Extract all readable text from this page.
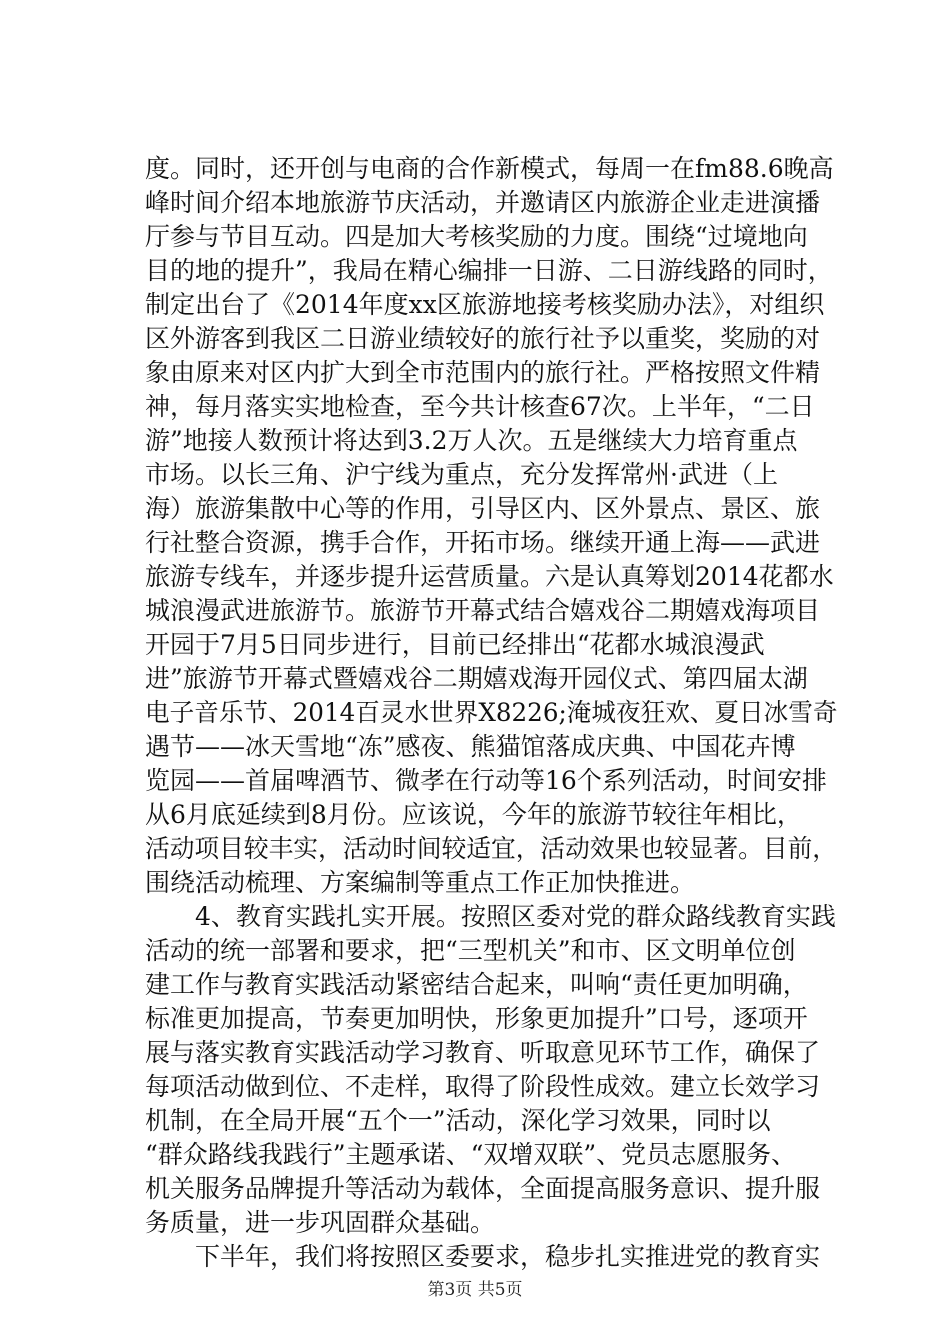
度。同时，还开创与电商的合作新模式，每周一在fm88.6晚高
峰时间介绍本地旅游节庆活动，并邀请区内旅游企业走进演播
厅参与节目互动。四是加大考核奖励的力度。围绕“过境地向
目的地的提升”，我局在精心编排一日游、二日游线路的同时，
制定出台了《2014年度xx区旅游地接考核奖励办法》，对组织
区外游客到我区二日游业绩较好的旅行社予以重奖，奖励的对
象由原来对区内扩大到全市范围内的旅行社。严格按照文件精
神，每月落实实地检查，至今共计核查67次。上半年，“二日
游”地接人数预计将达到3.2万人次。五是继续大力培育重点
市场。以长三角、沪宁线为重点，充分发挥常州·武进（上
海）旅游集散中心等的作用，引导区内、区外景点、景区、旅
行社整合资源，携手合作，开拓市场。继续开通上海——武进
旅游专线车，并逐步提升运营质量。六是认真筹划2014花都水
城浪漫武进旅游节。旅游节开幕式结合嬉戏谷二期嬉戏海项目
开园于7月5日同步进行，目前已经排出“花都水城浪漫武
进”旅游节开幕式暨嬉戏谷二期嬉戏海开园仪式、第四届太湖
电子音乐节、2014百灵水世界X8226;淹城夜狂欢、夏日冰雪奇
遇节——冰天雪地“冻”感夜、熊猫馆落成庆典、中国花卉博
览园——首届啤酒节、微孝在行动等16个系列活动，时间安排
从6月底延续到8月份。应该说，今年的旅游节较往年相比，
活动项目较丰实，活动时间较适宜，活动效果也较显著。目前，
围绕活动梳理、方案编制等重点工作正加快推进。
　　4、教育实践扎实开展。按照区委对党的群众路线教育实践
活动的统一部署和要求，把“三型机关”和市、区文明单位创
建工作与教育实践活动紧密结合起来，叫响“责任更加明确，
标准更加提高，节奏更加明快，形象更加提升”口号，逐项开
展与落实教育实践活动学习教育、听取意见环节工作，确保了
每项活动做到位、不走样，取得了阶段性成效。建立长效学习
机制，在全局开展“五个一”活动，深化学习效果，同时以
“群众路线我践行”主题承诺、“双增双联”、党员志愿服务、
机关服务品牌提升等活动为载体，全面提高服务意识、提升服
务质量，进一步巩固群众基础。
　　下半年，我们将按照区委要求，稳步扎实推进党的教育实
第3页 共5页
